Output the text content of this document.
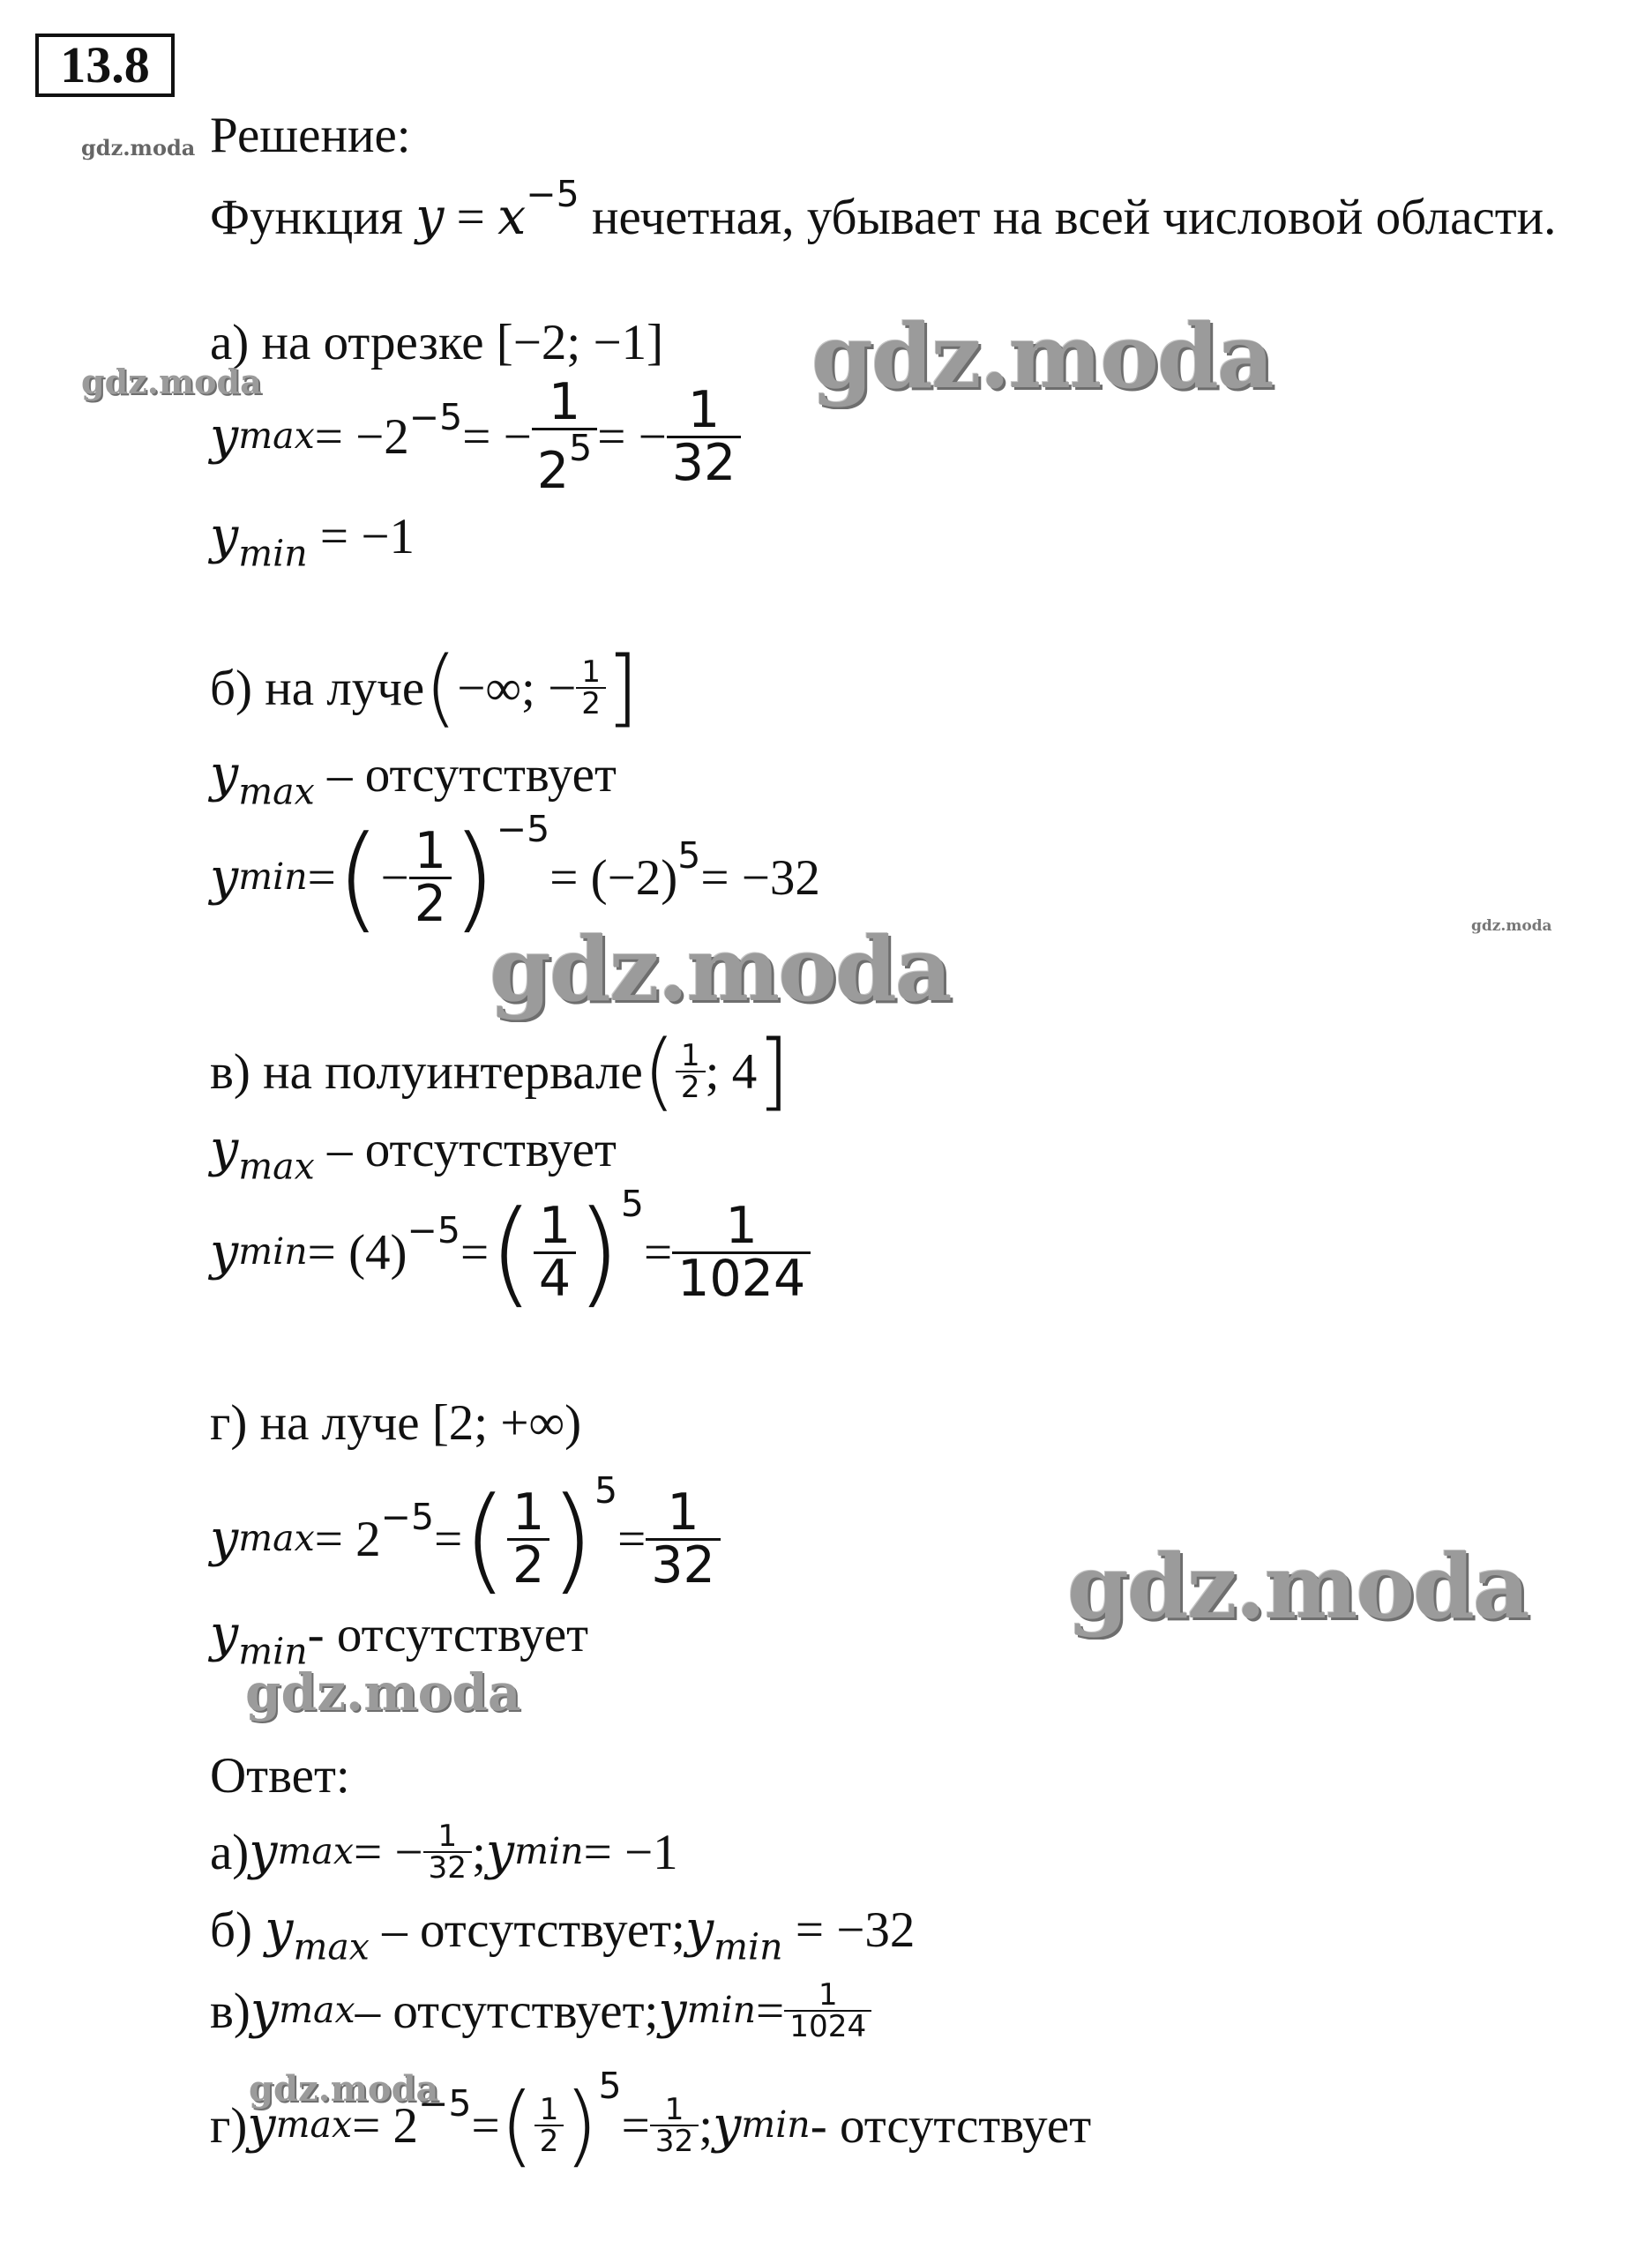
13.8
Решение:
Функция $y = x^{-5}$ нечетная, убывает на всей числовой области.
а) на отрезке [−2; −1]
y $\max = -2^{-5}$ = − $\frac{1}{2^5}$ = − $\frac{1}{32}$
$y_{min} = -1$
б) на луче ( −∞; − $\frac{1}{2}$ ]
$y_{max}$ – отсутствует
y min = ( − $\frac{1}{2} )^{-5}$
= $(-2)^5 = -32$
в) на полуинтервале ( $\frac{1}{2}$ ; 4 ]
$y_{max}$ – отсутствует
y $\min = (4)^{-5}$ = ( $\frac{1}{4} )^5$
= $\frac{1}{1024}$
г) на луче [2; +∞)
y $\max = 2^{-5}$ = ( $\frac{1}{2} )^5$
= $\frac{1}{32}$
$y_{min}-$ отсутствует
Ответ:
а) y max = − $\frac{1}{32}$ ; y min = −1
б) $y_{max}$ – $отсутствует;y_{min} = -32$
в) y max – отсутствует; y $\min = \frac{1}{1024}$
г) y $\max = 2^{-5}$ = ( $\frac{1}{2} )^5$
= $\frac{1}{32}$ ; y min - отсутствует
gdz.moda
gdz.moda
gdz.moda
gdz.moda
gdz.moda
gdz.moda
gdz.moda
gdz.moda
